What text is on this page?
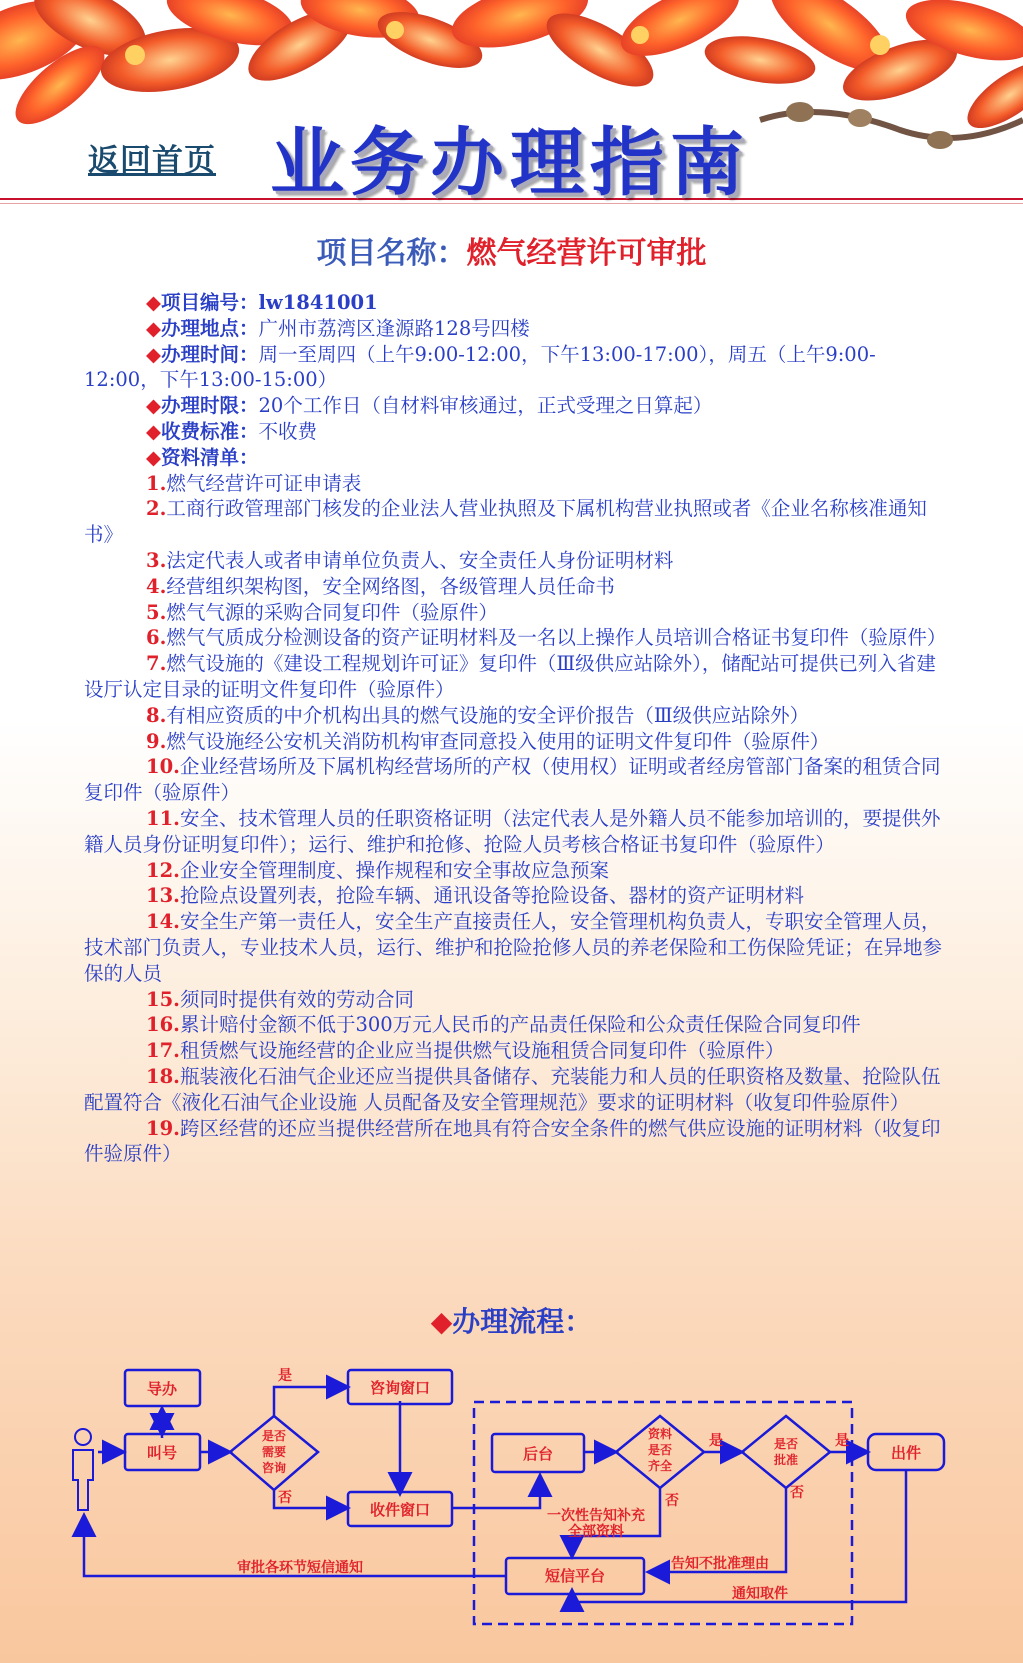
返回首页 业务办理指南
项目名称：燃气经营许可审批

◆项目编号：lw1841001

◆办理地点：广州市荔湾区逢源路128号四楼

◆办理时间：周一至周四（上午9:00-12:00，下午13:00-17:00），周五（上午9:00-12:00，下午13:00-15:00）

◆办理时限：20个工作日（自材料审核通过，正式受理之日算起）

◆收费标准：不收费

◆资料清单：

1.燃气经营许可证申请表

2.工商行政管理部门核发的企业法人营业执照及下属机构营业执照或者《企业名称核准通知书》

3.法定代表人或者申请单位负责人、安全责任人身份证明材料

4.经营组织架构图，安全网络图，各级管理人员任命书

5.燃气气源的采购合同复印件（验原件）

6.燃气气质成分检测设备的资产证明材料及一名以上操作人员培训合格证书复印件（验原件）

7.燃气设施的《建设工程规划许可证》复印件（Ⅲ级供应站除外），储配站可提供已列入省建设厅认定目录的证明文件复印件（验原件）

8.有相应资质的中介机构出具的燃气设施的安全评价报告（Ⅲ级供应站除外）

9.燃气设施经公安机关消防机构审查同意投入使用的证明文件复印件（验原件）

10.企业经营场所及下属机构经营场所的产权（使用权）证明或者经房管部门备案的租赁合同复印件（验原件）

11.安全、技术管理人员的任职资格证明（法定代表人是外籍人员不能参加培训的，要提供外籍人员身份证明复印件）；运行、维护和抢修、抢险人员考核合格证书复印件（验原件）

12.企业安全管理制度、操作规程和安全事故应急预案

13.抢险点设置列表，抢险车辆、通讯设备等抢险设备、器材的资产证明材料

14.安全生产第一责任人，安全生产直接责任人，安全管理机构负责人，专职安全管理人员，技术部门负责人，专业技术人员，运行、维护和抢险抢修人员的养老保险和工伤保险凭证；在异地参保的人员

15.须同时提供有效的劳动合同

16.累计赔付金额不低于300万元人民币的产品责任保险和公众责任保险合同复印件

17.租赁燃气设施经营的企业应当提供燃气设施租赁合同复印件（验原件）

18.瓶装液化石油气企业还应当提供具备储存、充装能力和人员的任职资格及数量、抢险队伍配置符合《液化石油气企业设施 人员配备及安全管理规范》要求的证明材料（收复印件验原件）

19.跨区经营的还应当提供经营所在地具有符合安全条件的燃气供应设施的证明材料（收复印件验原件）

◆办理流程：
导办
叫号
是否
需要
咨询
咨询窗口
收件窗口
后台
资料
是否
齐全
是否
批准	出件
短信平台
是
否
是
否
是
否
一次性告知补充
全部资料
告知不批准理由
通知取件
审批各环节短信通知
